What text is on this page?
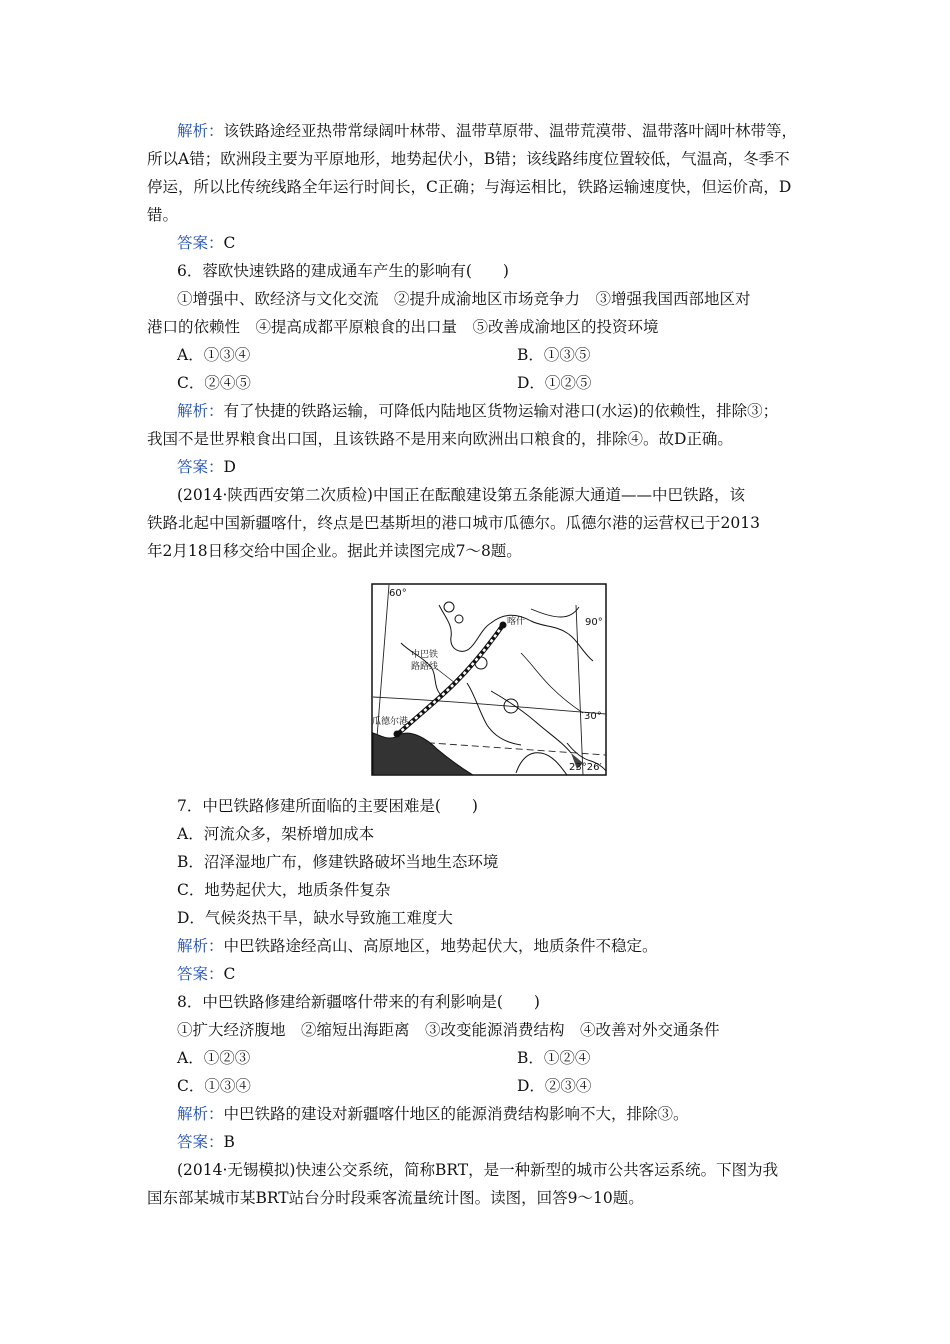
解析：该铁路途经亚热带常绿阔叶林带、温带草原带、温带荒漠带、温带落叶阔叶林带等，
所以A错；欧洲段主要为平原地形，地势起伏小，B错；该线路纬度位置较低，气温高，冬季不
停运，所以比传统线路全年运行时间长，C正确；与海运相比，铁路运输速度快，但运价高，D
错。
答案：C
6．蓉欧快速铁路的建成通车产生的影响有(　　)
①增强中、欧经济与文化交流　②提升成渝地区市场竞争力　③增强我国西部地区对
港口的依赖性　④提高成都平原粮食的出口量　⑤改善成渝地区的投资环境
A．①③④	B．①③⑤
C．②④⑤	D．①②⑤
解析：有了快捷的铁路运输，可降低内陆地区货物运输对港口(水运)的依赖性，排除③；
我国不是世界粮食出口国，且该铁路不是用来向欧洲出口粮食的，排除④。故D正确。
答案：D
(2014·陕西西安第二次质检)中国正在酝酿建设第五条能源大通道——中巴铁路，该
铁路北起中国新疆喀什，终点是巴基斯坦的港口城市瓜德尔。瓜德尔港的运营权已于2013
年2月18日移交给中国企业。据此并读图完成7～8题。
60°
90°
30°
23°26′
喀什
瓜德尔港
中巴铁
路路线
7．中巴铁路修建所面临的主要困难是(　　)
A．河流众多，架桥增加成本
B．沼泽湿地广布，修建铁路破坏当地生态环境
C．地势起伏大，地质条件复杂
D．气候炎热干旱，缺水导致施工难度大
解析：中巴铁路途经高山、高原地区，地势起伏大，地质条件不稳定。
答案：C
8．中巴铁路修建给新疆喀什带来的有利影响是(　　)
①扩大经济腹地　②缩短出海距离　③改变能源消费结构　④改善对外交通条件
A．①②③	B．①②④
C．①③④	D．②③④
解析：中巴铁路的建设对新疆喀什地区的能源消费结构影响不大，排除③。
答案：B
(2014·无锡模拟)快速公交系统，简称BRT，是一种新型的城市公共客运系统。下图为我
国东部某城市某BRT站台分时段乘客流量统计图。读图，回答9～10题。
